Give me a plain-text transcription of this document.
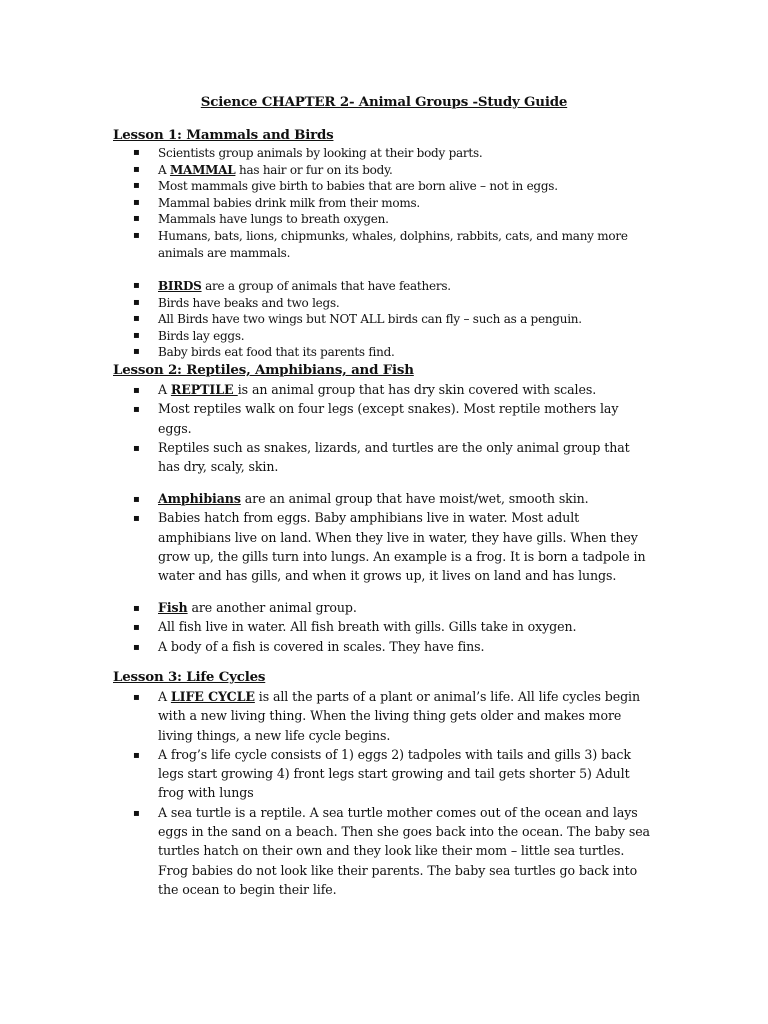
Science CHAPTER 2- Animal Groups -Study Guide
Lesson 1: Mammals and Birds
▪ Scientists group animals by looking at their body parts.
▪ A MAMMAL has hair or fur on its body.
▪ Most mammals give birth to babies that are born alive – not in eggs.
▪ Mammal babies drink milk from their moms.
▪ Mammals have lungs to breath oxygen.
▪ Humans, bats, lions, chipmunks, whales, dolphins, rabbits, cats, and many more animals are mammals.
▪ BIRDS are a group of animals that have feathers.
▪ Birds have beaks and two legs.
▪ All Birds have two wings but NOT ALL birds can fly – such as a penguin.
▪ Birds lay eggs.
▪ Baby birds eat food that its parents find.
Lesson 2: Reptiles, Amphibians, and Fish
▪ A REPTILE is an animal group that has dry skin covered with scales.
▪ Most reptiles walk on four legs (except snakes). Most reptile mothers lay eggs.
▪ Reptiles such as snakes, lizards, and turtles are the only animal group that has dry, scaly, skin.
▪ Amphibians are an animal group that have moist/wet, smooth skin.
▪ Babies hatch from eggs. Baby amphibians live in water. Most adult amphibians live on land. When they live in water, they have gills. When they grow up, the gills turn into lungs. An example is a frog. It is born a tadpole in water and has gills, and when it grows up, it lives on land and has lungs.
▪ Fish are another animal group.
▪ All fish live in water. All fish breath with gills. Gills take in oxygen.
▪ A body of a fish is covered in scales. They have fins.
Lesson 3: Life Cycles
▪ A LIFE CYCLE is all the parts of a plant or animal’s life. All life cycles begin with a new living thing. When the living thing gets older and makes more living things, a new life cycle begins.
▪ A frog’s life cycle consists of 1) eggs 2) tadpoles with tails and gills 3) back legs start growing 4) front legs start growing and tail gets shorter 5) Adult frog with lungs
▪ A sea turtle is a reptile. A sea turtle mother comes out of the ocean and lays eggs in the sand on a beach. Then she goes back into the ocean. The baby sea turtles hatch on their own and they look like their mom – little sea turtles. Frog babies do not look like their parents. The baby sea turtles go back into the ocean to begin their life.
